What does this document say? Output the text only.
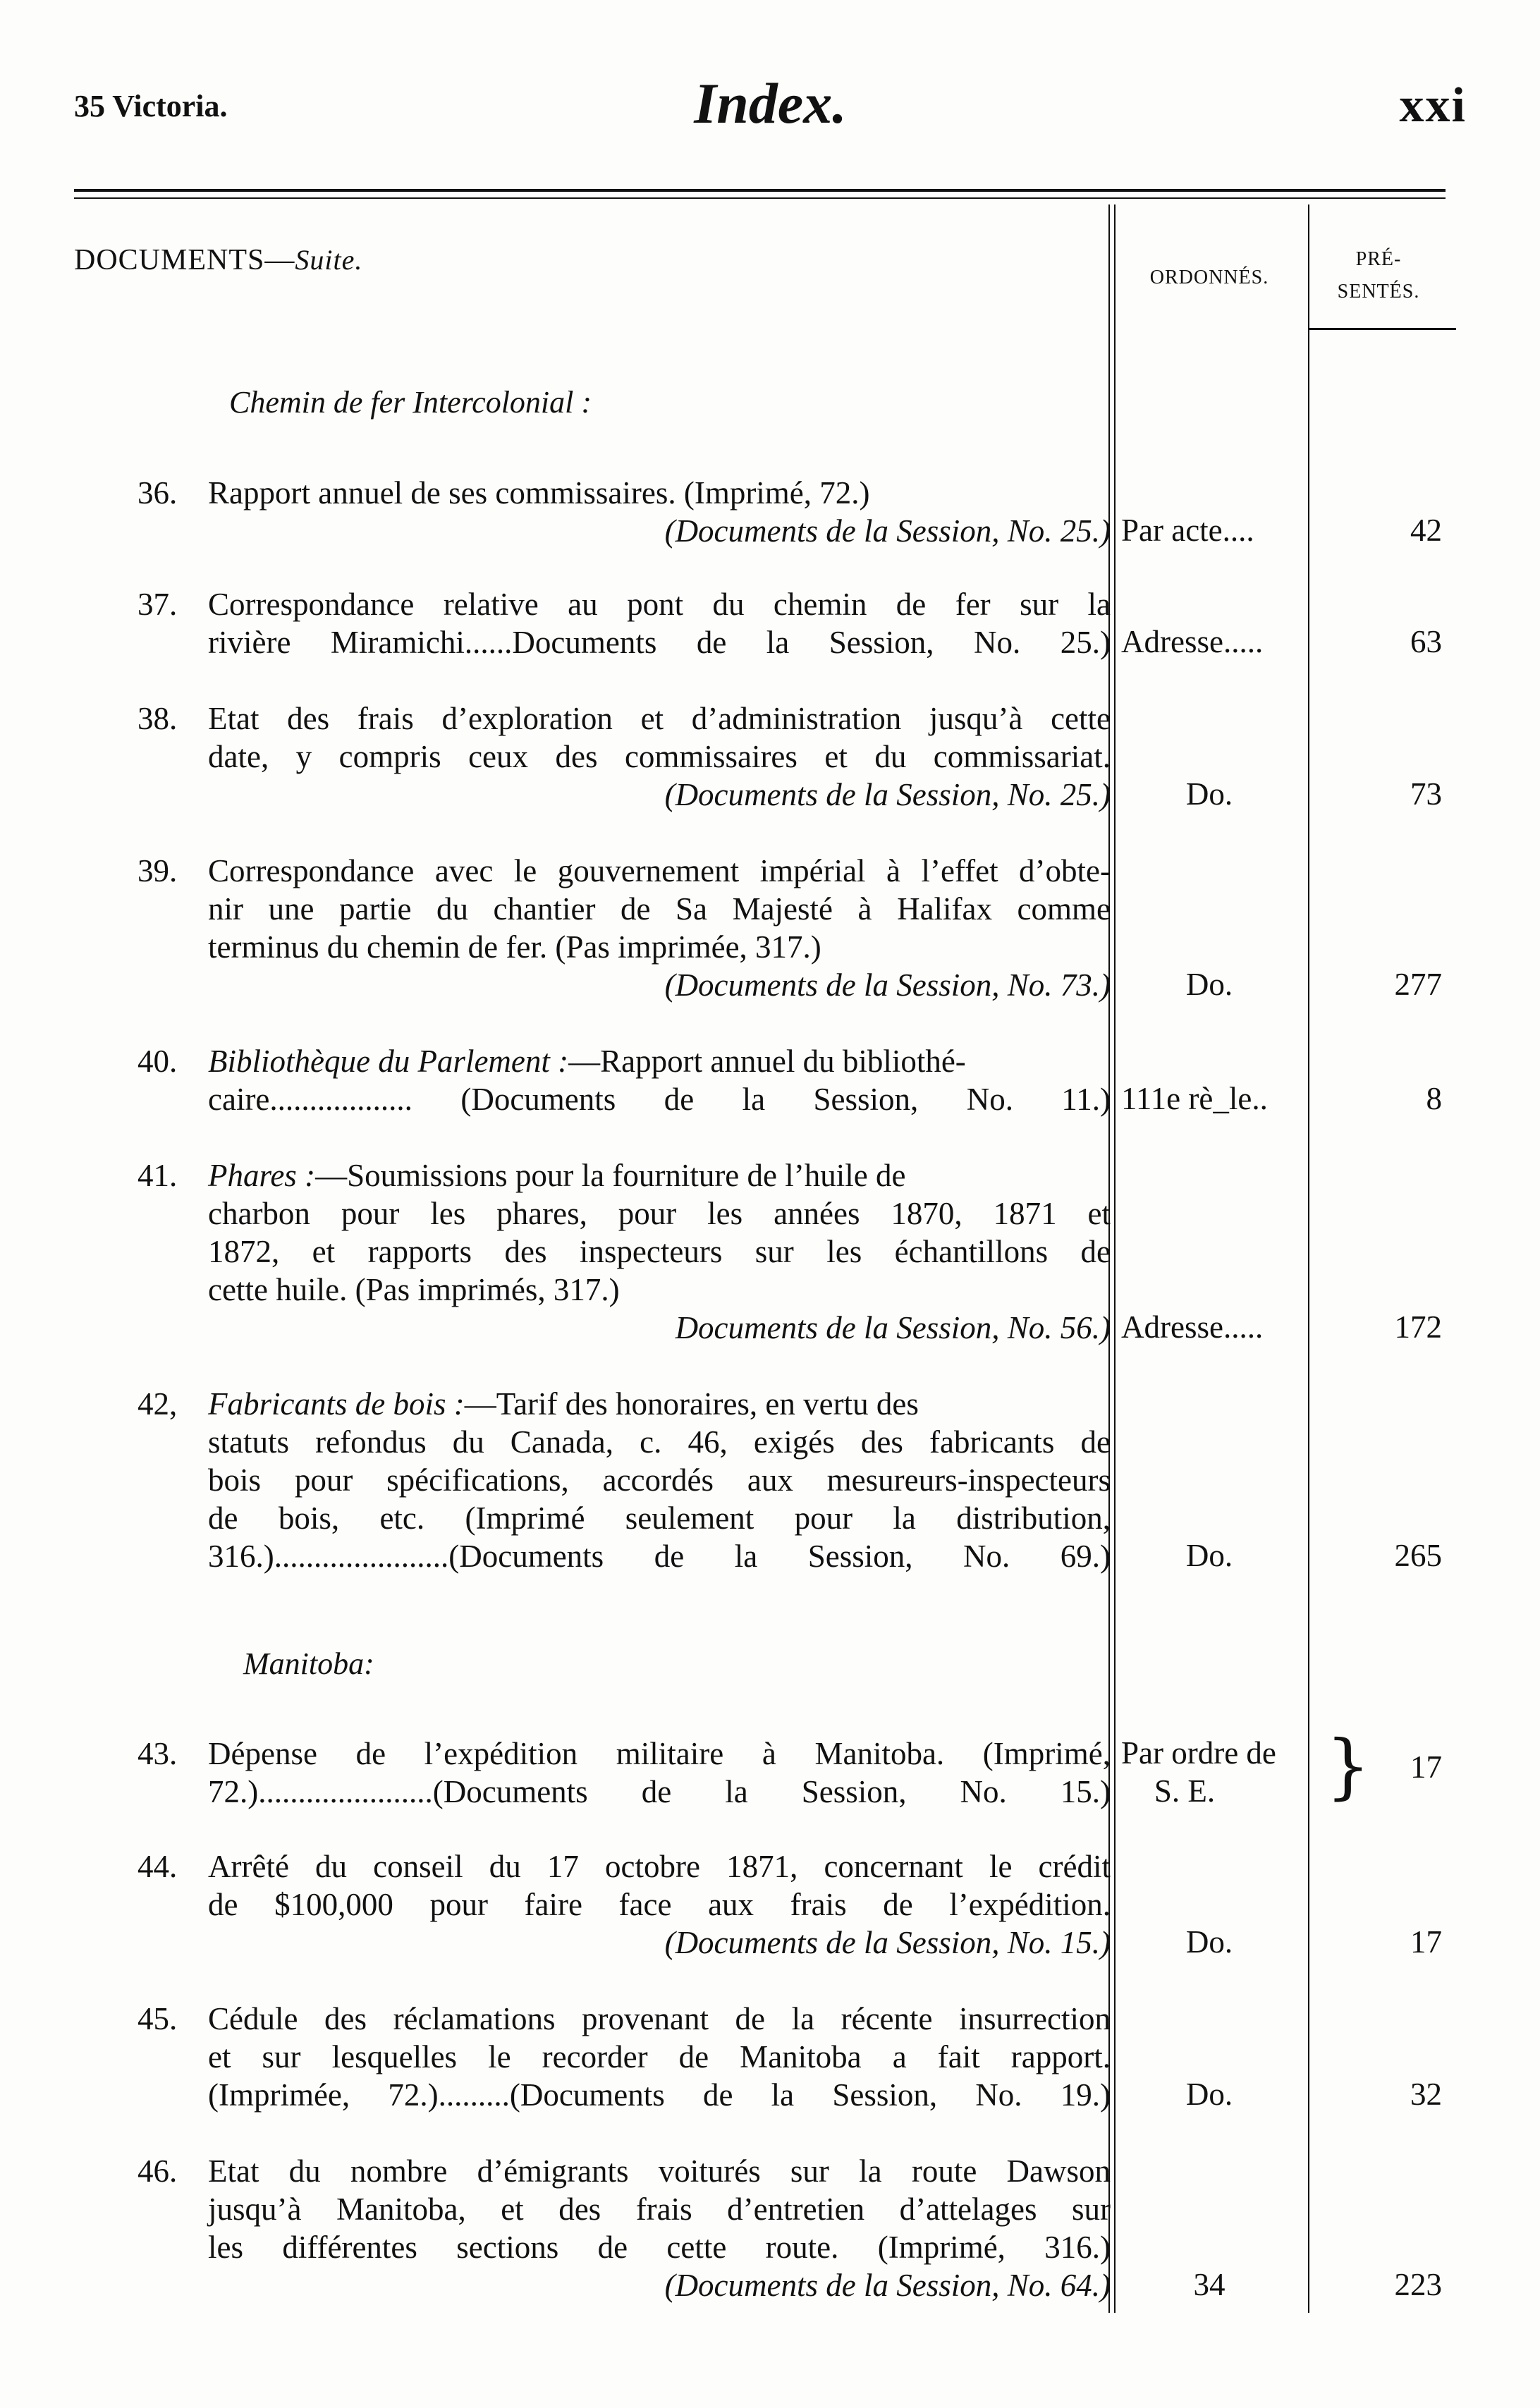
35 Victoria.	Index.	xxi
DOCUMENTS—Suite.
ORDONNÉS.
PRÉ-
SENTÉS.
Chemin de fer Intercolonial :
36. Rapport annuel de ses commissaires. (Imprimé, 72.)
(Documents de la Session, No. 25.) Par acte....	42
37. Correspondance relative au pont du chemin de fer sur la
rivière Miramichi......Documents de la Session, No. 25.) Adresse.....	63
38. Etat des frais d’exploration et d’administration jusqu’à cette
date, y compris ceux des commissaires et du commissariat.
(Documents de la Session, No. 25.)	Do.	73
39. Correspondance avec le gouvernement impérial à l’effet d’obte-
nir une partie du chantier de Sa Majesté à Halifax comme
terminus du chemin de fer. (Pas imprimée, 317.)
(Documents de la Session, No. 73.)	Do.	277
40. Bibliothèque du Parlement :—Rapport annuel du bibliothé-
caire.................. (Documents de la Session, No. 11.) 111e rè_le..	8
41. Phares :—Soumissions pour la fourniture de l’huile de
charbon pour les phares, pour les années 1870, 1871 et
1872, et rapports des inspecteurs sur les échantillons de
cette huile. (Pas imprimés, 317.)
Documents de la Session, No. 56.) Adresse.....	172
42, Fabricants de bois :—Tarif des honoraires, en vertu des
statuts refondus du Canada, c. 46, exigés des fabricants de
bois pour spécifications, accordés aux mesureurs-inspecteurs
de bois, etc. (Imprimé seulement pour la distribution,
316.)......................(Documents de la Session, No. 69.)	Do.	265
Manitoba:
43. Dépense de l’expédition militaire à Manitoba. (Imprimé,
72.)......................(Documents de la Session, No. 15.)
Par ordre de
S. E.	}	17
44. Arrêté du conseil du 17 octobre 1871, concernant le crédit
de $100,000 pour faire face aux frais de l’expédition.
(Documents de la Session, No. 15.)	Do.	17
45. Cédule des réclamations provenant de la récente insurrection
et sur lesquelles le recorder de Manitoba a fait rapport.
(Imprimée, 72.).........(Documents de la Session, No. 19.)	Do.	32
46. Etat du nombre d’émigrants voiturés sur la route Dawson
jusqu’à Manitoba, et des frais d’entretien d’attelages sur
les différentes sections de cette route. (Imprimé, 316.)
(Documents de la Session, No. 64.)	34	223
